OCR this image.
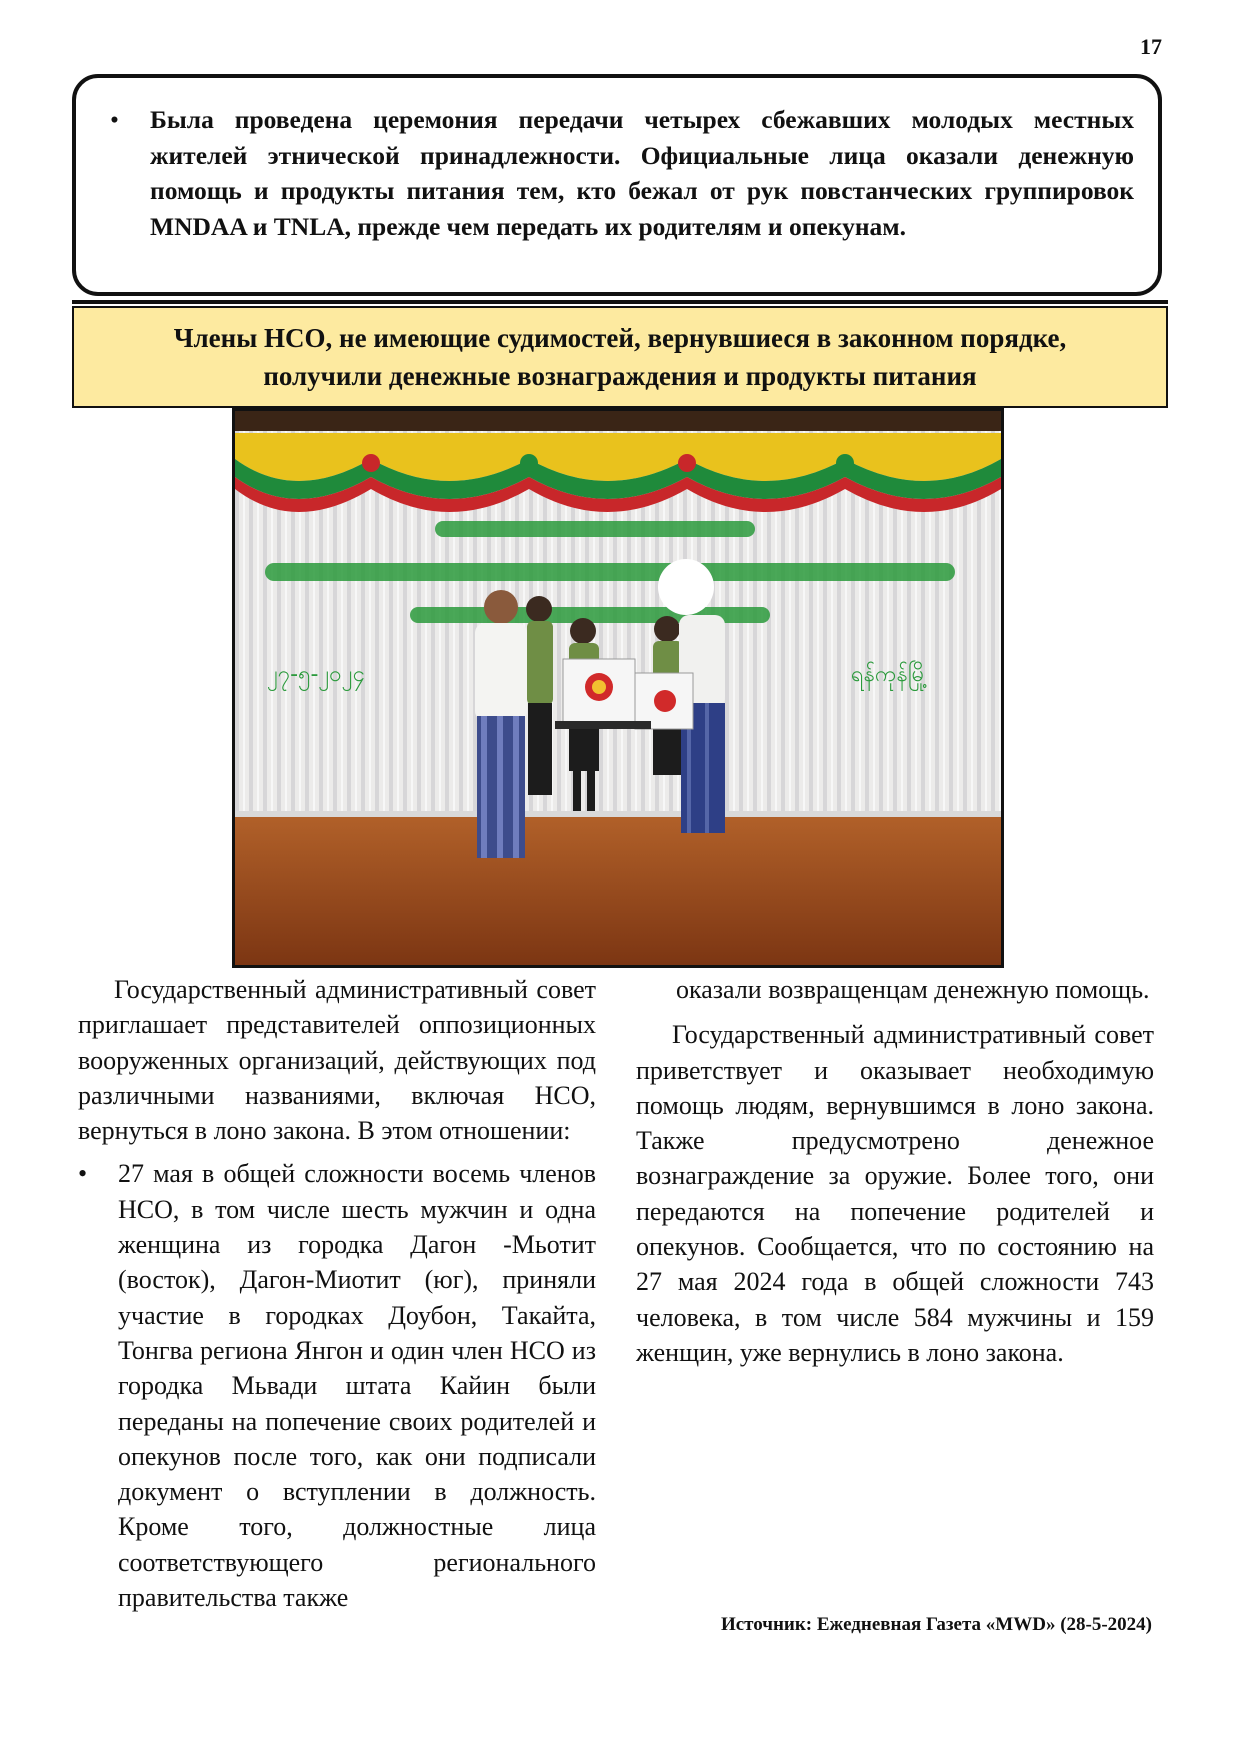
17
• Была проведена церемония передачи четырех сбежавших молодых местных жителей этнической принадлежности. Официальные лица оказали денежную помощь и продукты питания тем, кто бежал от рук повстанческих группировок MNDAA и TNLA, прежде чем передать их родителям и опекунам.
Члены НСО, не имеющие судимостей, вернувшиеся в законном порядке,
получили денежные вознаграждения и продукты питания
၂၇-၅-၂၀၂၄	ရန်ကုန်မြို့

Государственный административный совет приглашает представителей оппозиционных вооруженных организаций, действующих под различными названиями, включая НСО, вернуться в лоно закона. В этом отношении:

• 27 мая в общей сложности восемь членов НСО, в том числе шесть мужчин и одна женщина из городка Дагон -Мьотит (восток), Дагон-Миотит (юг), приняли участие в городках Доубон, Такайта, Тонгва региона Янгон и один член НСО из городка Мьвади штата Кайин были переданы на попечение своих родителей и опекунов после того, как они подписали документ о вступлении в должность. Кроме того, должностные лица соответствующего регионального правительства также

оказали возвращенцам денежную помощь.

Государственный административный совет приветствует и оказывает необходимую помощь людям, вернувшимся в лоно закона. Также предусмотрено денежное вознаграждение за оружие. Более того, они передаются на попечение родителей и опекунов. Сообщается, что по состоянию на 27 мая 2024 года в общей сложности 743 человека, в том числе 584 мужчины и 159 женщин, уже вернулись в лоно закона.

Источник: Ежедневная Газета «MWD» (28-5-2024)
